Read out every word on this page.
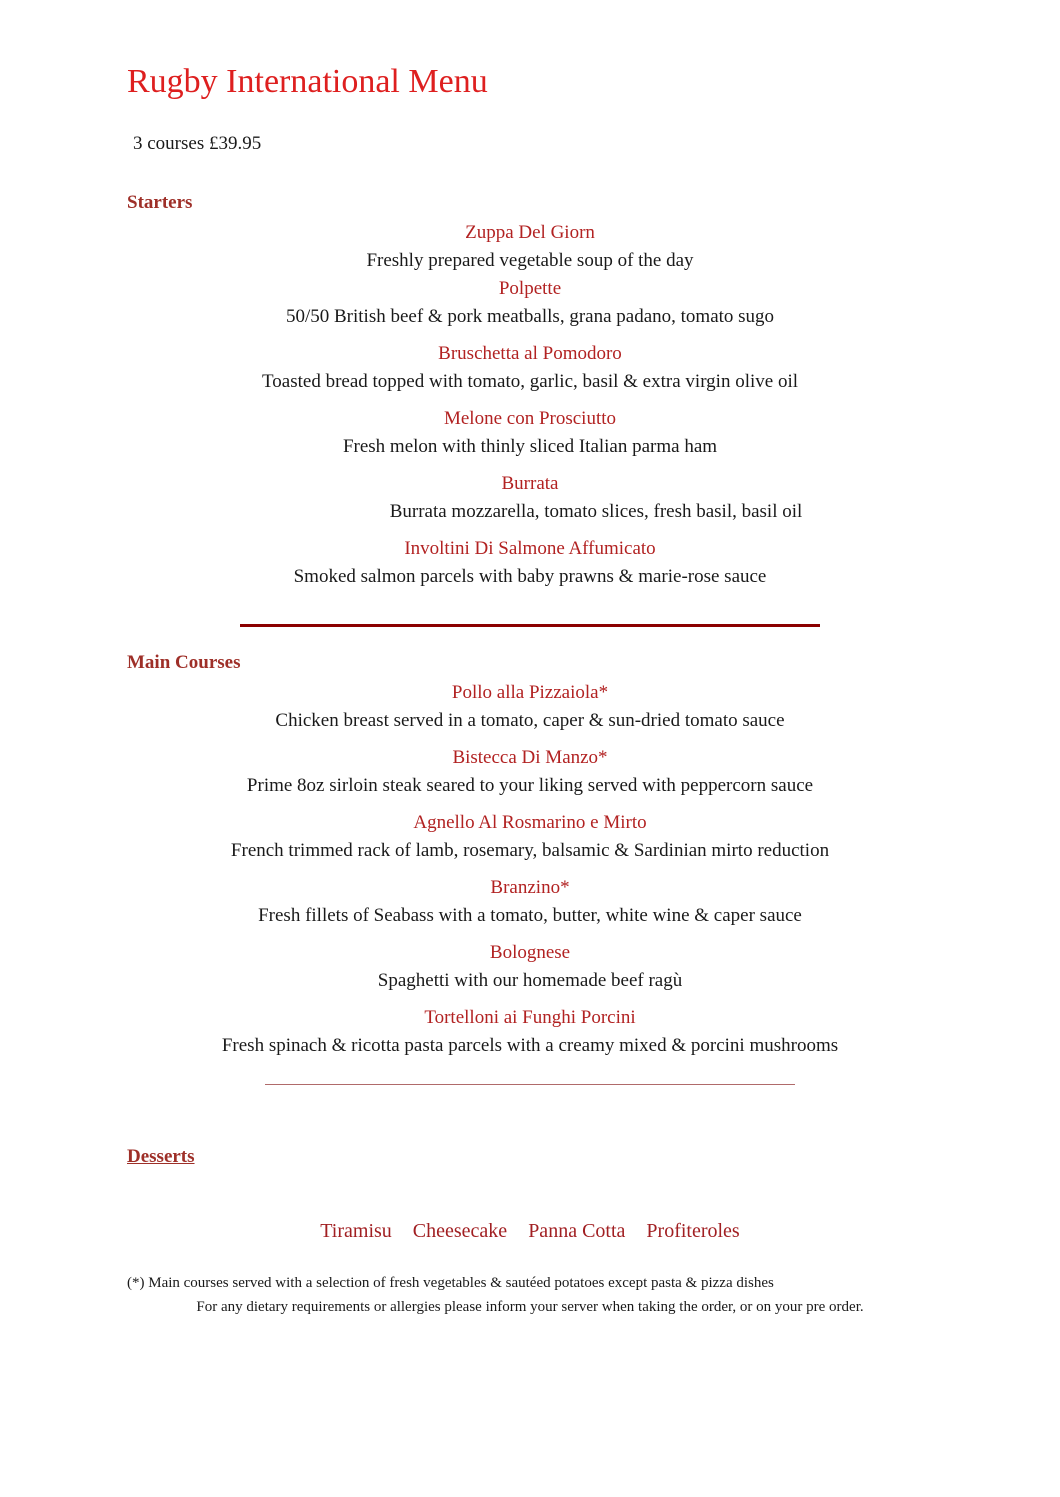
Rugby International Menu

3 courses £39.95

Starters
Zuppa Del Giorn
Freshly prepared vegetable soup of the day
Polpette
50/50 British beef & pork meatballs, grana padano, tomato sugo
Bruschetta al Pomodoro
Toasted bread topped with tomato, garlic, basil & extra virgin olive oil
Melone con Prosciutto
Fresh melon with thinly sliced Italian parma ham
Burrata
Burrata mozzarella, tomato slices, fresh basil, basil oil
Involtini Di Salmone Affumicato
Smoked salmon parcels with baby prawns & marie-rose sauce
Main Courses
Pollo alla Pizzaiola*
Chicken breast served in a tomato, caper & sun-dried tomato sauce
Bistecca Di Manzo*
Prime 8oz sirloin steak seared to your liking served with peppercorn sauce
Agnello Al Rosmarino e Mirto
French trimmed rack of lamb, rosemary, balsamic & Sardinian mirto reduction
Branzino*
Fresh fillets of Seabass with a tomato, butter, white wine & caper sauce
Bolognese
Spaghetti with our homemade beef ragù
Tortelloni ai Funghi Porcini
Fresh spinach & ricotta pasta parcels with a creamy mixed & porcini mushrooms
Desserts
Tiramisu Cheesecake Panna Cotta Profiteroles
(*) Main courses served with a selection of fresh vegetables & sautéed potatoes except pasta & pizza dishes
For any dietary requirements or allergies please inform your server when taking the order, or on your pre order.
